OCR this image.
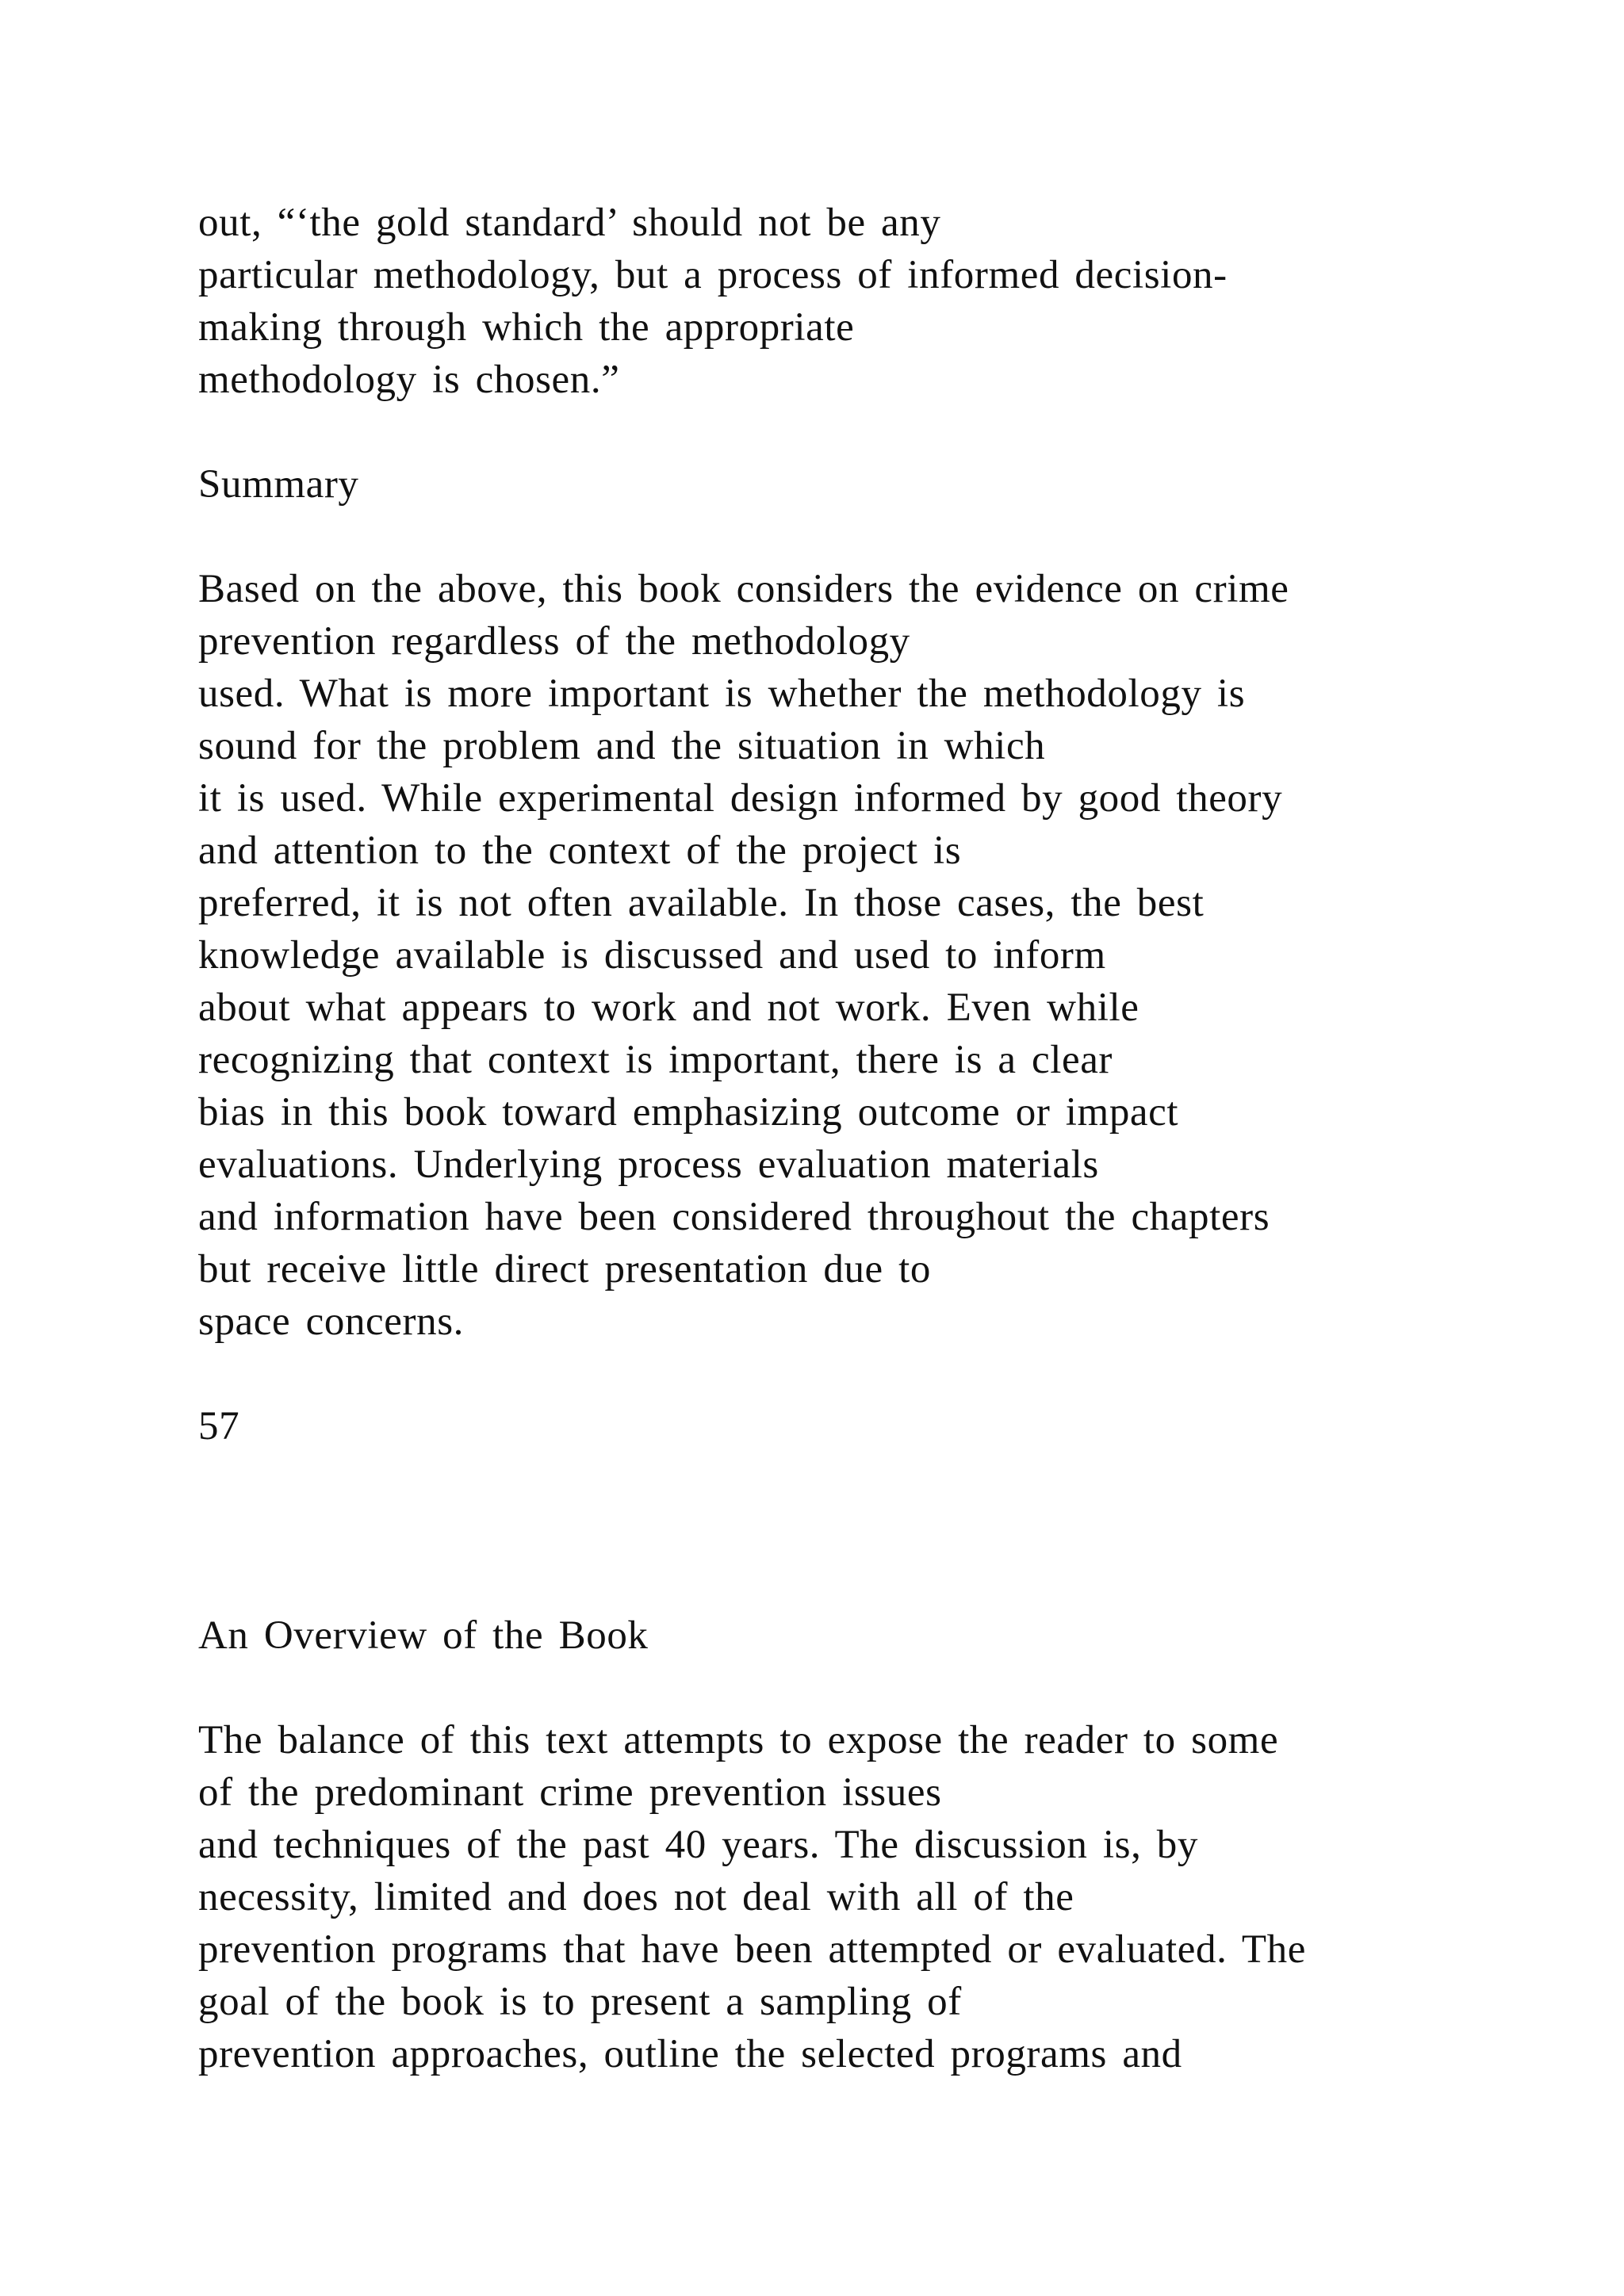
out, “‘the gold standard’ should not be any
particular methodology, but a process of informed decision-
making through which the appropriate
methodology is chosen.”
Summary
Based on the above, this book considers the evidence on crime
prevention regardless of the methodology
used. What is more important is whether the methodology is
sound for the problem and the situation in which
it is used. While experimental design informed by good theory
and attention to the context of the project is
preferred, it is not often available. In those cases, the best
knowledge available is discussed and used to inform
about what appears to work and not work. Even while
recognizing that context is important, there is a clear
bias in this book toward emphasizing outcome or impact
evaluations. Underlying process evaluation materials
and information have been considered throughout the chapters
but receive little direct presentation due to
space concerns.
57
An Overview of the Book
The balance of this text attempts to expose the reader to some
of the predominant crime prevention issues
and techniques of the past 40 years. The discussion is, by
necessity, limited and does not deal with all of the
prevention programs that have been attempted or evaluated. The
goal of the book is to present a sampling of
prevention approaches, outline the selected programs and
